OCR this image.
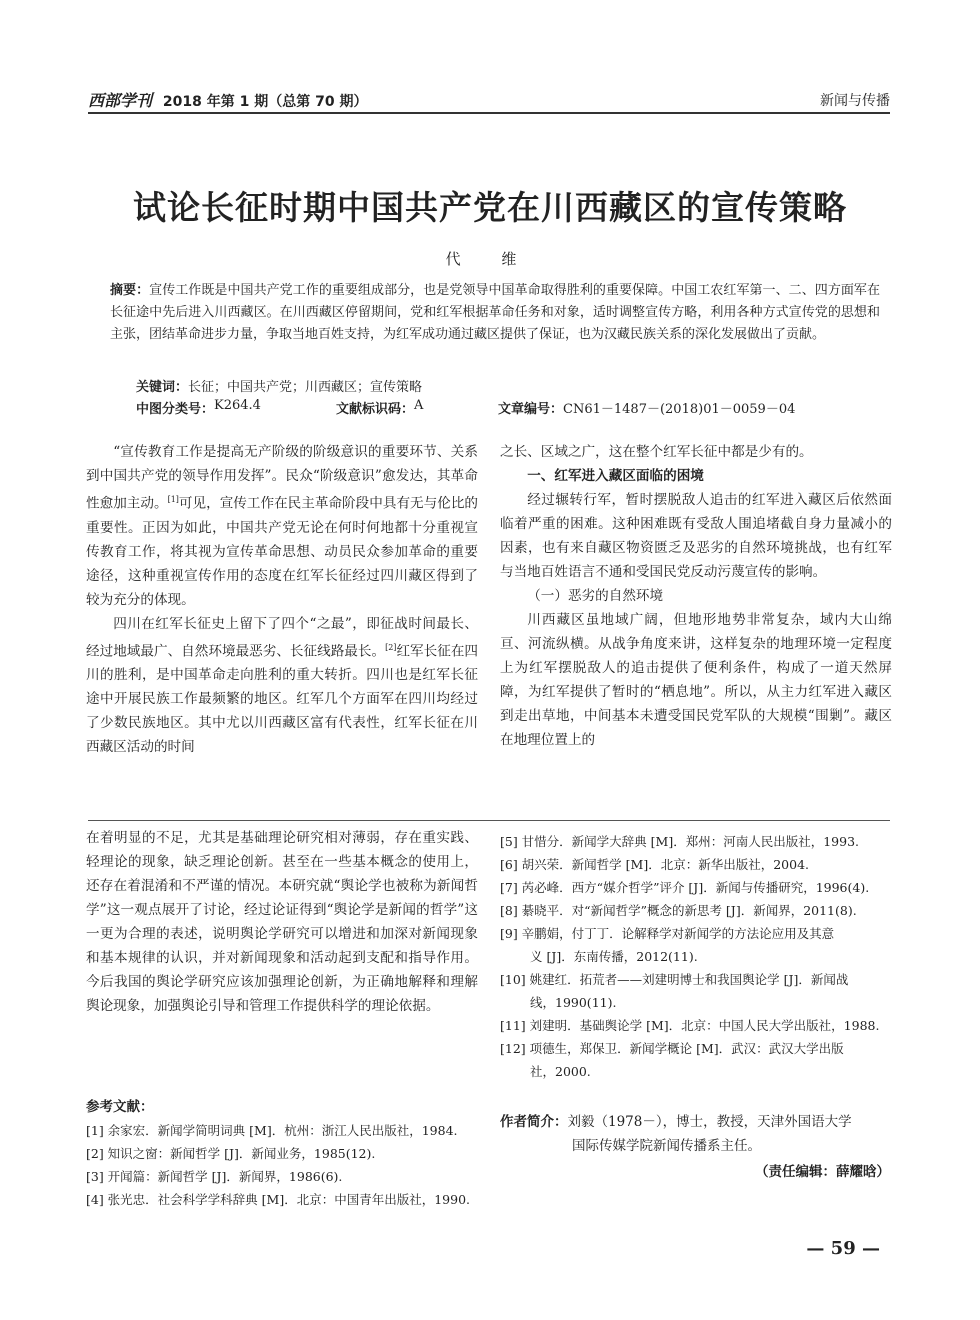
西部学刊 2018 年第 1 期（总第 70 期）	新闻与传播
试论长征时期中国共产党在川西藏区的宣传策略
代 维
摘要：宣传工作既是中国共产党工作的重要组成部分，也是党领导中国革命取得胜利的重要保障。中国工农红军第一、二、四方面军在长征途中先后进入川西藏区。在川西藏区停留期间，党和红军根据革命任务和对象，适时调整宣传方略，利用各种方式宣传党的思想和主张，团结革命进步力量，争取当地百姓支持，为红军成功通过藏区提供了保证，也为汉藏民族关系的深化发展做出了贡献。
关键词：长征；中国共产党；川西藏区；宣传策略
中图分类号： K264.4	文献标识码： A	文章编号： CN61－1487－(2018)01－0059－04

“宣传教育工作是提高无产阶级的阶级意识的重要环节、关系到中国共产党的领导作用发挥”。民众“阶级意识”愈发达，其革命性愈加主动。[1]可见，宣传工作在民主革命阶段中具有无与伦比的重要性。正因为如此，中国共产党无论在何时何地都十分重视宣传教育工作，将其视为宣传革命思想、动员民众参加革命的重要途径，这种重视宣传作用的态度在红军长征经过四川藏区得到了较为充分的体现。

四川在红军长征史上留下了四个“之最”，即征战时间最长、经过地域最广、自然环境最恶劣、长征线路最长。[2]红军长征在四川的胜利，是中国革命走向胜利的重大转折。四川也是红军长征途中开展民族工作最频繁的地区。红军几个方面军在四川均经过了少数民族地区。其中尤以川西藏区富有代表性，红军长征在川西藏区活动的时间

之长、区域之广，这在整个红军长征中都是少有的。

一、红军进入藏区面临的困境

经过辗转行军，暂时摆脱敌人追击的红军进入藏区后依然面临着严重的困难。这种困难既有受敌人围追堵截自身力量减小的因素，也有来自藏区物资匮乏及恶劣的自然环境挑战，也有红军与当地百姓语言不通和受国民党反动污蔑宣传的影响。

（一）恶劣的自然环境

川西藏区虽地域广阔，但地形地势非常复杂，域内大山绵亘、河流纵横。从战争角度来讲，这样复杂的地理环境一定程度上为红军摆脱敌人的追击提供了便利条件，构成了一道天然屏障，为红军提供了暂时的“栖息地”。所以，从主力红军进入藏区到走出草地，中间基本未遭受国民党军队的大规模“围剿”。藏区在地理位置上的

在着明显的不足，尤其是基础理论研究相对薄弱，存在重实践、轻理论的现象，缺乏理论创新。甚至在一些基本概念的使用上，还存在着混淆和不严谨的情况。本研究就“舆论学也被称为新闻哲学”这一观点展开了讨论，经过论证得到“舆论学是新闻的哲学”这一更为合理的表述，说明舆论学研究可以增进和加深对新闻现象和基本规律的认识，并对新闻现象和活动起到支配和指导作用。今后我国的舆论学研究应该加强理论创新，为正确地解释和理解舆论现象，加强舆论引导和管理工作提供科学的理论依据。

参考文献：
[1] 余家宏．新闻学简明词典 [M]．杭州：浙江人民出版社，1984.
[2] 知识之窗：新闻哲学 [J]．新闻业务，1985(12).
[3] 开闻篇：新闻哲学 [J]．新闻界，1986(6).
[4] 张光忠．社会科学学科辞典 [M]．北京：中国青年出版社，1990.
[5] 甘惜分．新闻学大辞典 [M]．郑州：河南人民出版社，1993.
[6] 胡兴荣．新闻哲学 [M]．北京：新华出版社，2004.
[7] 芮必峰．西方“媒介哲学”评介 [J]．新闻与传播研究，1996(4).
[8] 綦晓平．对“新闻哲学”概念的新思考 [J]．新闻界，2011(8).
[9] 辛鹏娟，付丁丁．论解释学对新闻学的方法论应用及其意
义 [J]．东南传播，2012(11).
[10] 姚建红．拓荒者——刘建明博士和我国舆论学 [J]．新闻战
线，1990(11).
[11] 刘建明．基础舆论学 [M]．北京：中国人民大学出版社，1988.
[12] 项德生，郑保卫．新闻学概论 [M]．武汉：武汉大学出版
社，2000.
作者简介：刘毅（1978－），博士，教授，天津外国语大学
国际传媒学院新闻传播系主任。
（责任编辑：薛耀晗）
— 59 —
